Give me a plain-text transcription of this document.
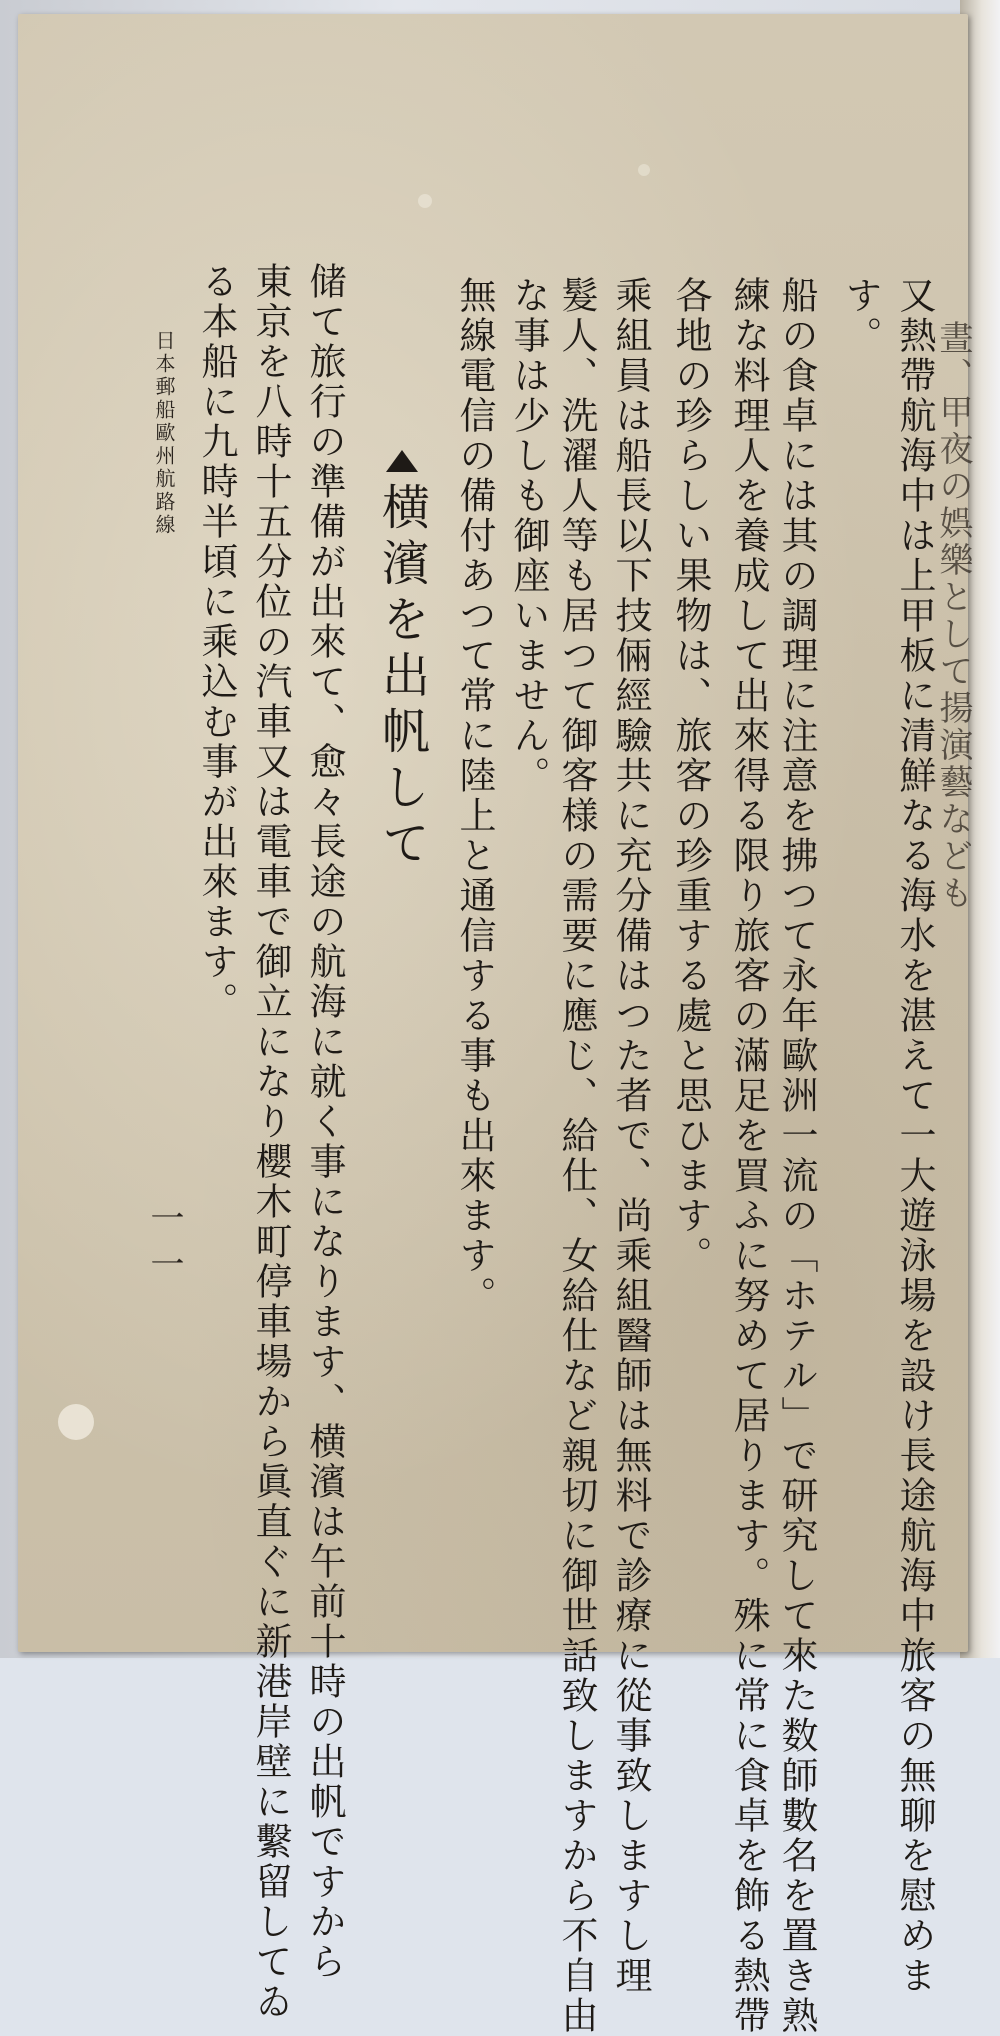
又熱帶航海中は上甲板に清鮮なる海水を湛えて一大遊泳場を設け長途航海中旅客の無聊を慰めま

す。

船の食卓には其の調理に注意を拂つて永年歐洲一流の「ホテル」で研究して來た数師數名を置き熟

練な料理人を養成して出來得る限り旅客の滿足を買ふに努めて居ります。殊に常に食卓を飾る熱帶

各地の珍らしい果物は、旅客の珍重する處と思ひます。

乘組員は船長以下技倆經驗共に充分備はつた者で、尚乘組醫師は無料で診療に從事致しますし理

髮人、洗濯人等も居つて御客様の需要に應じ、給仕、女給仕など親切に御世話致しますから不自由

な事は少しも御座いません。

無線電信の備付あつて常に陸上と通信する事も出來ます。

横濱を出帆して

储て旅行の準備が出來て、愈々長途の航海に就く事になります、横濱は午前十時の出帆ですから

東京を八時十五分位の汽車又は電車で御立になり櫻木町停車場から眞直ぐに新港岸壁に繫留してゐ

る本船に九時半頃に乘込む事が出來ます。

日本郵船歐州航路線
一一
